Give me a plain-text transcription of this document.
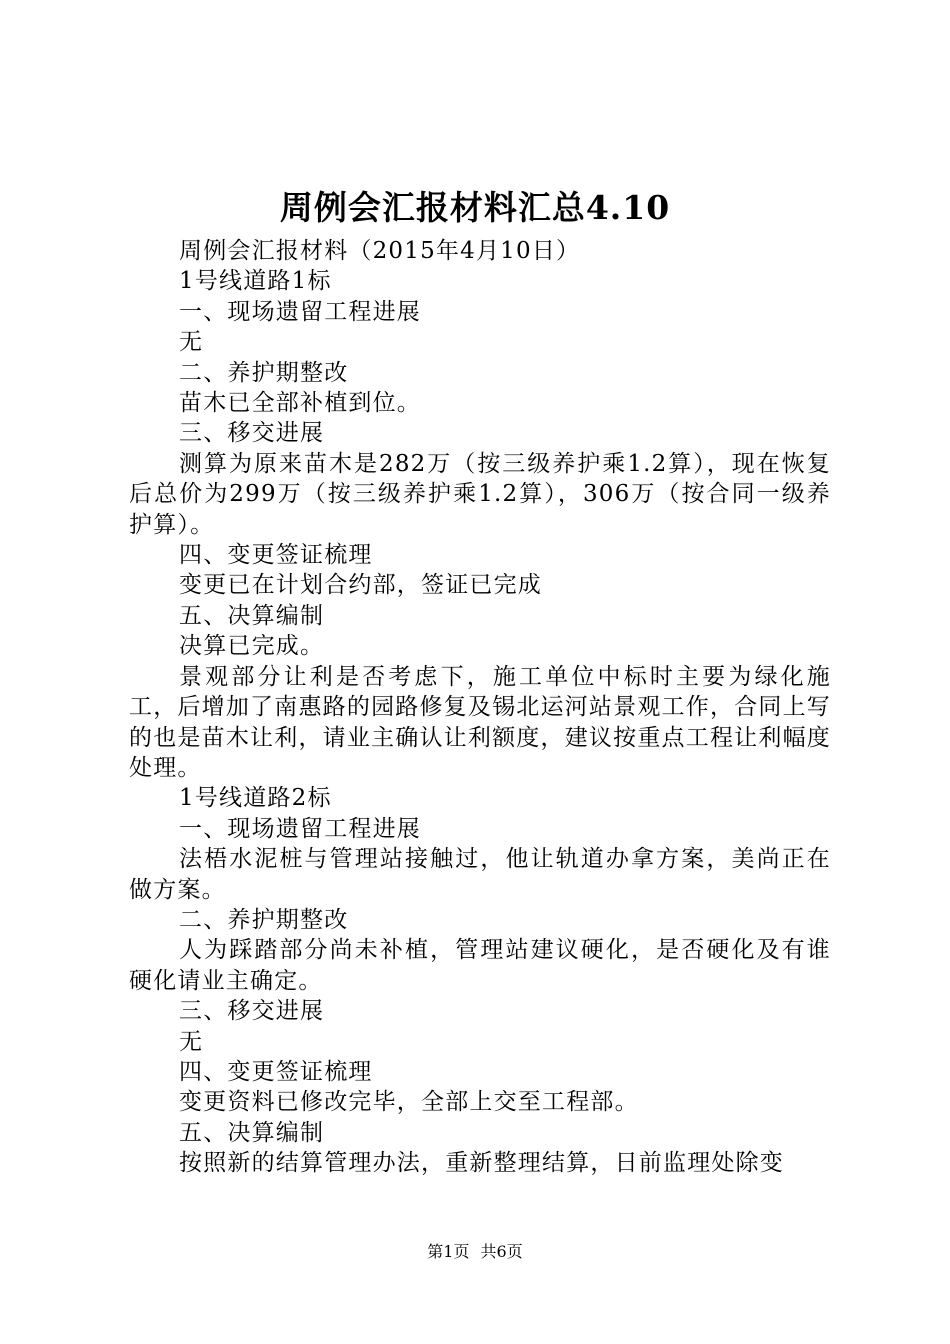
周例会汇报材料汇总4.10

周例会汇报材料（2015年4月10日）

1号线道路1标

一、现场遗留工程进展

无

二、养护期整改

苗木已全部补植到位。

三、移交进展

测算为原来苗木是282万（按三级养护乘1.2算），现在恢复后总价为299万（按三级养护乘1.2算），306万（按合同一级养护算）。

四、变更签证梳理

变更已在计划合约部，签证已完成

五、决算编制

决算已完成。

景观部分让利是否考虑下，施工单位中标时主要为绿化施工，后增加了南惠路的园路修复及锡北运河站景观工作，合同上写的也是苗木让利，请业主确认让利额度，建议按重点工程让利幅度处理。

1号线道路2标

一、现场遗留工程进展

法梧水泥桩与管理站接触过，他让轨道办拿方案，美尚正在做方案。

二、养护期整改

人为踩踏部分尚未补植，管理站建议硬化，是否硬化及有谁硬化请业主确定。

三、移交进展

无

四、变更签证梳理

变更资料已修改完毕，全部上交至工程部。

五、决算编制

按照新的结算管理办法，重新整理结算，日前监理处除变

第1页 共6页
